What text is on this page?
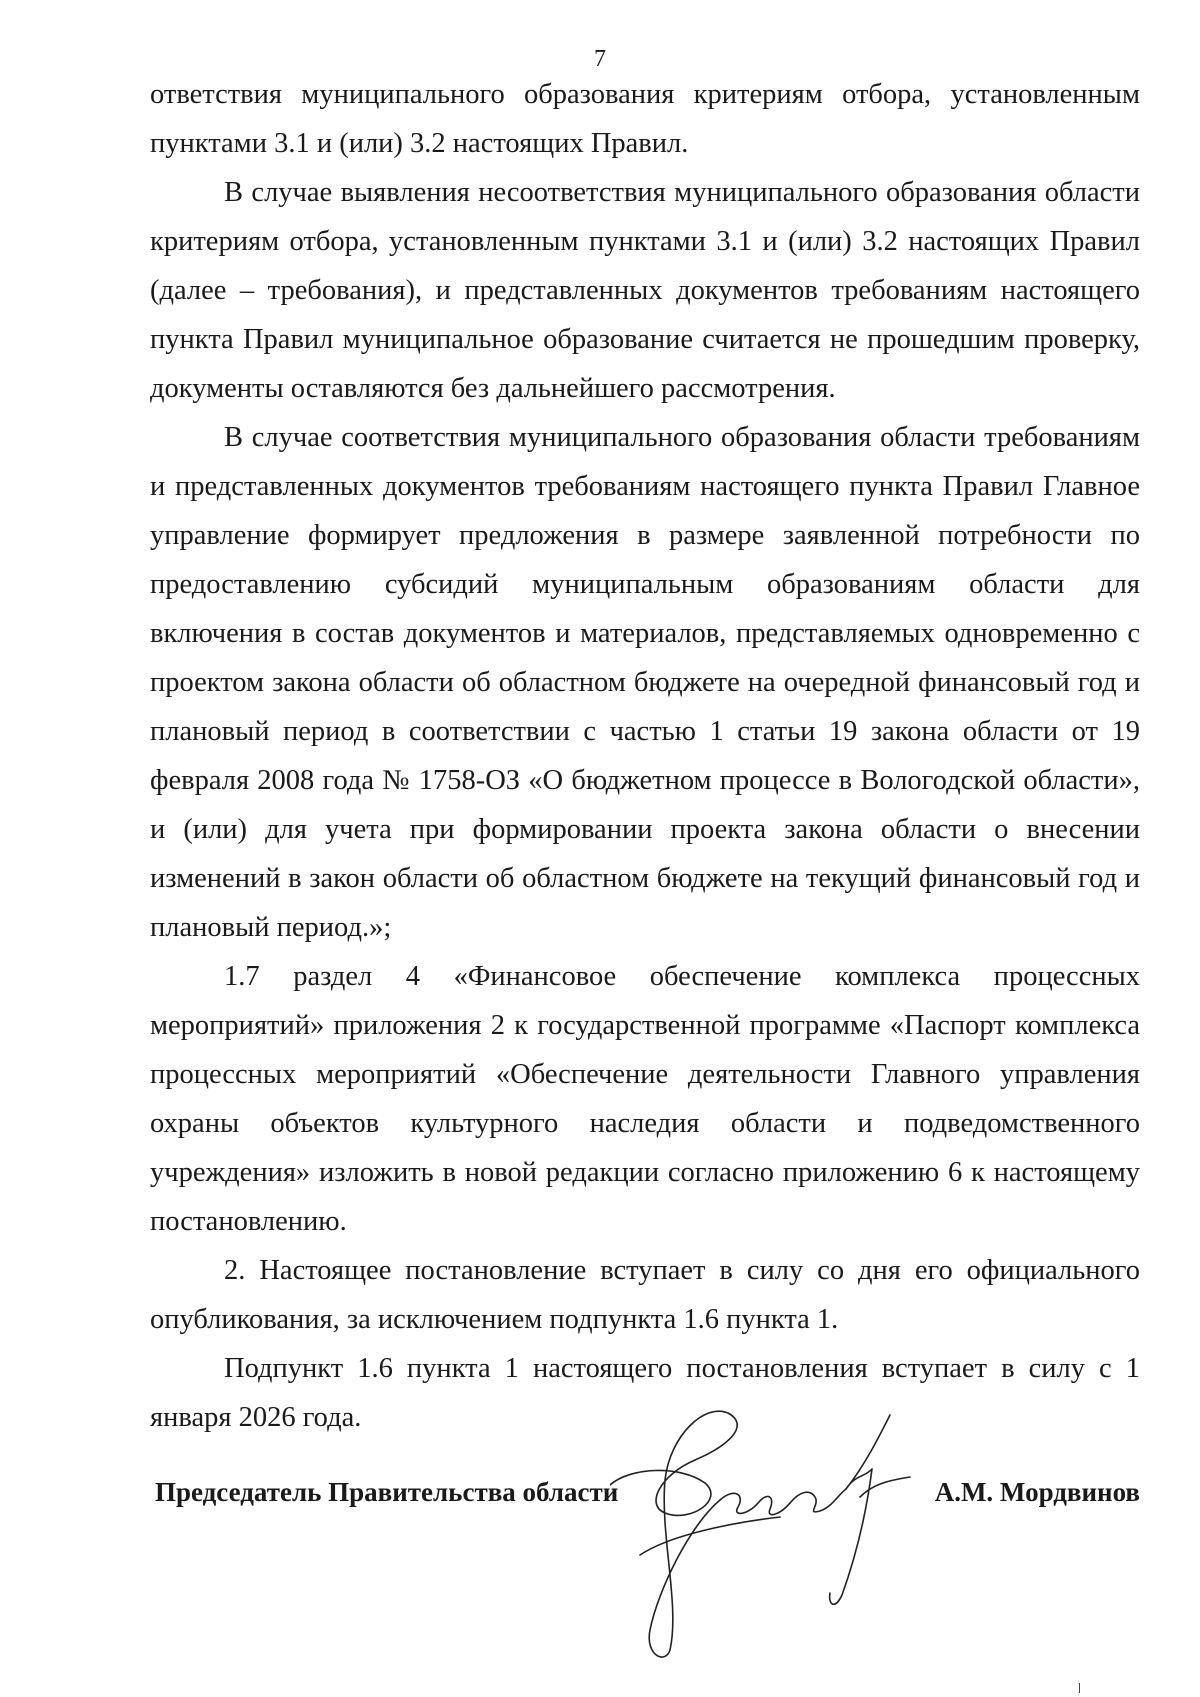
7

ответствия муниципального образования критериям отбора, установленным пунктами 3.1 и (или) 3.2 настоящих Правил.

В случае выявления несоответствия муниципального образования области критериям отбора, установленным пунктами 3.1 и (или) 3.2 настоящих Правил (далее – требования), и представленных документов требованиям настоящего пункта Правил муниципальное образование считается не прошедшим проверку, документы оставляются без дальнейшего рассмотрения.

В случае соответствия муниципального образования области требованиям и представленных документов требованиям настоящего пункта Правил Главное управление формирует предложения в размере заявленной потребности по предоставлению субсидий муниципальным образованиям области для включения в состав документов и материалов, представляемых одновременно с проектом закона области об областном бюджете на очередной финансовый год и плановый период в соответствии с частью 1 статьи 19 закона области от 19 февраля 2008 года № 1758-ОЗ «О бюджетном процессе в Вологодской области», и (или) для учета при формировании проекта закона области о внесении изменений в закон области об областном бюджете на текущий финансовый год и плановый период.»;

1.7 раздел 4 «Финансовое обеспечение комплекса процессных мероприятий» приложения 2 к государственной программе «Паспорт комплекса процессных мероприятий «Обеспечение деятельности Главного управления охраны объектов культурного наследия области и подведомственного учреждения» изложить в новой редакции согласно приложению 6 к настоящему постановлению.

2. Настоящее постановление вступает в силу со дня его официального опубликования, за исключением подпункта 1.6 пункта 1.

Подпункт 1.6 пункта 1 настоящего постановления вступает в силу с 1 января 2026 года.

Председатель Правительства области	А.М. Мордвинов
